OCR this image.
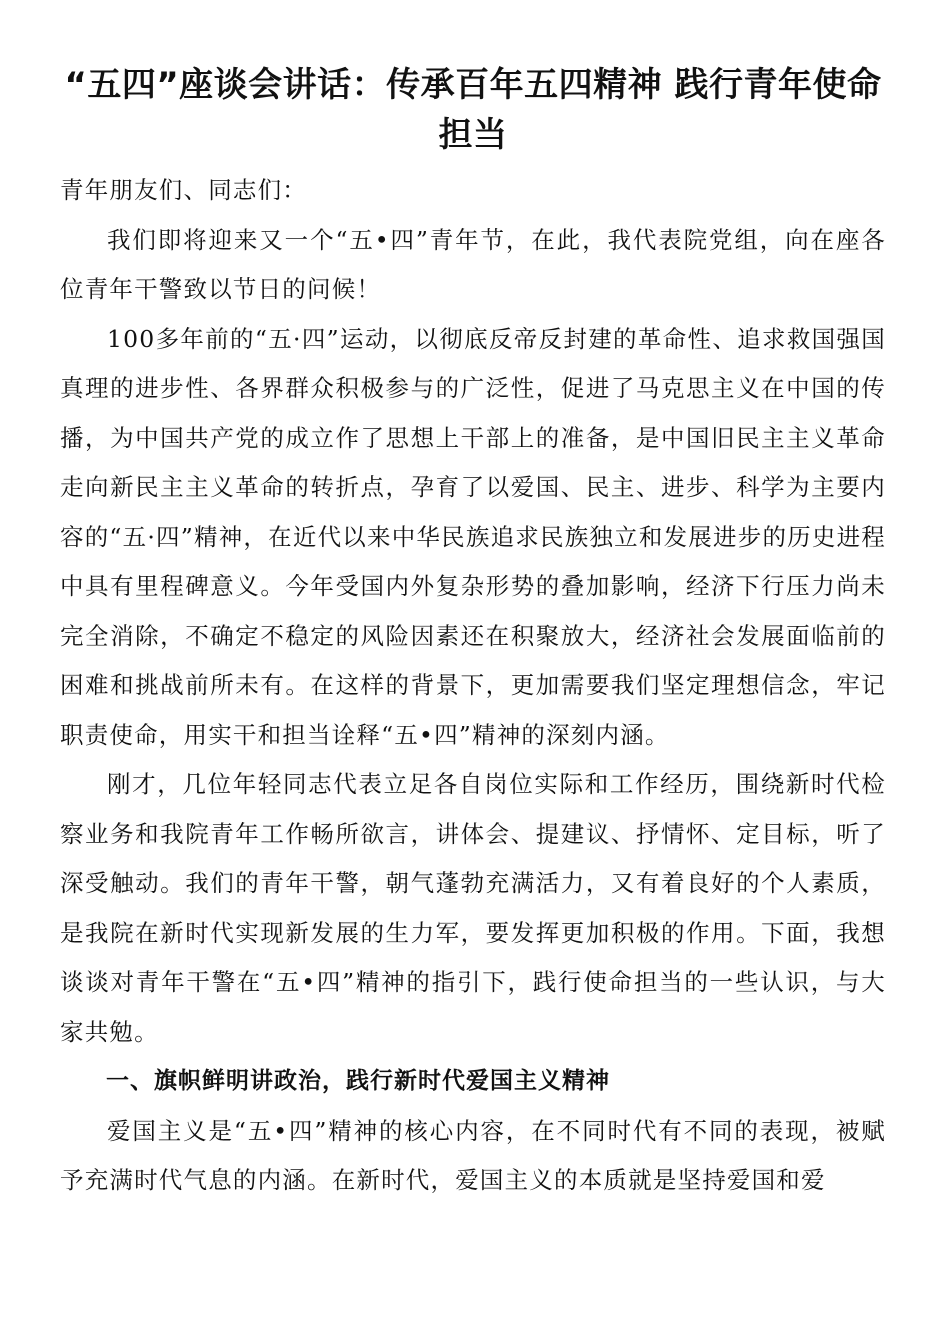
“五四”座谈会讲话：传承百年五四精神 践行青年使命担当

青年朋友们、同志们：

我们即将迎来又一个“五•四”青年节，在此，我代表院党组，向在座各位青年干警致以节日的问候！

100多年前的“五·四”运动，以彻底反帝反封建的革命性、追求救国强国真理的进步性、各界群众积极参与的广泛性，促进了马克思主义在中国的传播，为中国共产党的成立作了思想上干部上的准备，是中国旧民主主义革命走向新民主主义革命的转折点，孕育了以爱国、民主、进步、科学为主要内容的“五·四”精神，在近代以来中华民族追求民族独立和发展进步的历史进程中具有里程碑意义。今年受国内外复杂形势的叠加影响，经济下行压力尚未完全消除，不确定不稳定的风险因素还在积聚放大，经济社会发展面临前的困难和挑战前所未有。在这样的背景下，更加需要我们坚定理想信念，牢记职责使命，用实干和担当诠释“五•四”精神的深刻内涵。

刚才，几位年轻同志代表立足各自岗位实际和工作经历，围绕新时代检察业务和我院青年工作畅所欲言，讲体会、提建议、抒情怀、定目标，听了深受触动。我们的青年干警，朝气蓬勃充满活力，又有着良好的个人素质，是我院在新时代实现新发展的生力军，要发挥更加积极的作用。下面，我想谈谈对青年干警在“五•四”精神的指引下，践行使命担当的一些认识，与大家共勉。

一、旗帜鲜明讲政治，践行新时代爱国主义精神

爱国主义是“五•四”精神的核心内容，在不同时代有不同的表现，被赋予充满时代气息的内涵。在新时代，爱国主义的本质就是坚持爱国和爱
